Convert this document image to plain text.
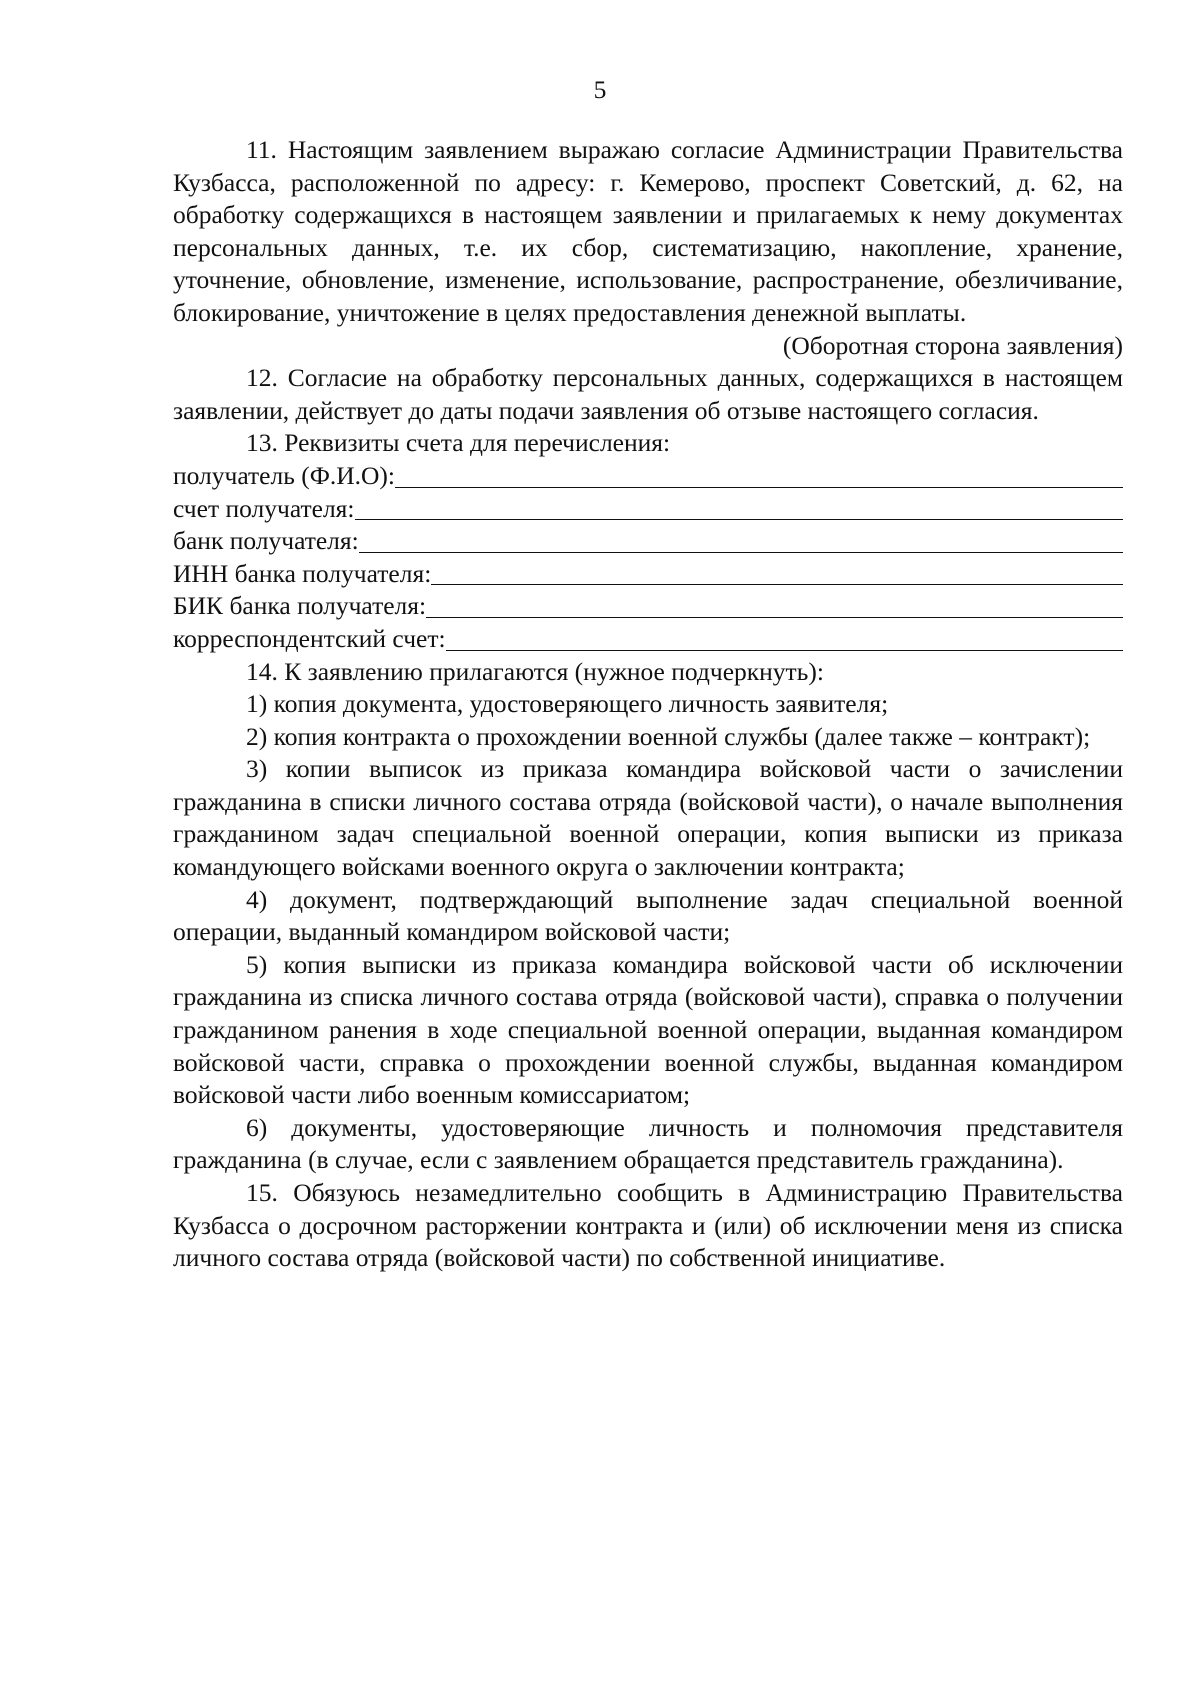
5

11. Настоящим заявлением выражаю согласие Администрации Правительства Кузбасса, расположенной по адресу: г. Кемерово, проспект Советский, д. 62, на обработку содержащихся в настоящем заявлении и прилагаемых к нему документах персональных данных, т.е. их сбор, систематизацию, накопление, хранение, уточнение, обновление, изменение, использование, распространение, обезличивание, блокирование, уничтожение в целях предоставления денежной выплаты.

(Оборотная сторона заявления)

12. Согласие на обработку персональных данных, содержащихся в настоящем заявлении, действует до даты подачи заявления об отзыве настоящего согласия.

13. Реквизиты счета для перечисления:

получатель (Ф.И.О):
счет получателя:
банк получателя:
ИНН банка получателя:
БИК банка получателя:
корреспондентский счет:

14. К заявлению прилагаются (нужное подчеркнуть):

1) копия документа, удостоверяющего личность заявителя;

2) копия контракта о прохождении военной службы (далее также – контракт);

3) копии выписок из приказа командира войсковой части о зачислении гражданина в списки личного состава отряда (войсковой части), о начале выполнения гражданином задач специальной военной операции, копия выписки из приказа командующего войсками военного округа о заключении контракта;

4) документ, подтверждающий выполнение задач специальной военной операции, выданный командиром войсковой части;

5) копия выписки из приказа командира войсковой части об исключении гражданина из списка личного состава отряда (войсковой части), справка о получении гражданином ранения в ходе специальной военной операции, выданная командиром войсковой части, справка о прохождении военной службы, выданная командиром войсковой части либо военным комиссариатом;

6) документы, удостоверяющие личность и полномочия представителя гражданина (в случае, если с заявлением обращается представитель гражданина).

15. Обязуюсь незамедлительно сообщить в Администрацию Правительства Кузбасса о досрочном расторжении контракта и (или) об исключении меня из списка личного состава отряда (войсковой части) по собственной инициативе.
